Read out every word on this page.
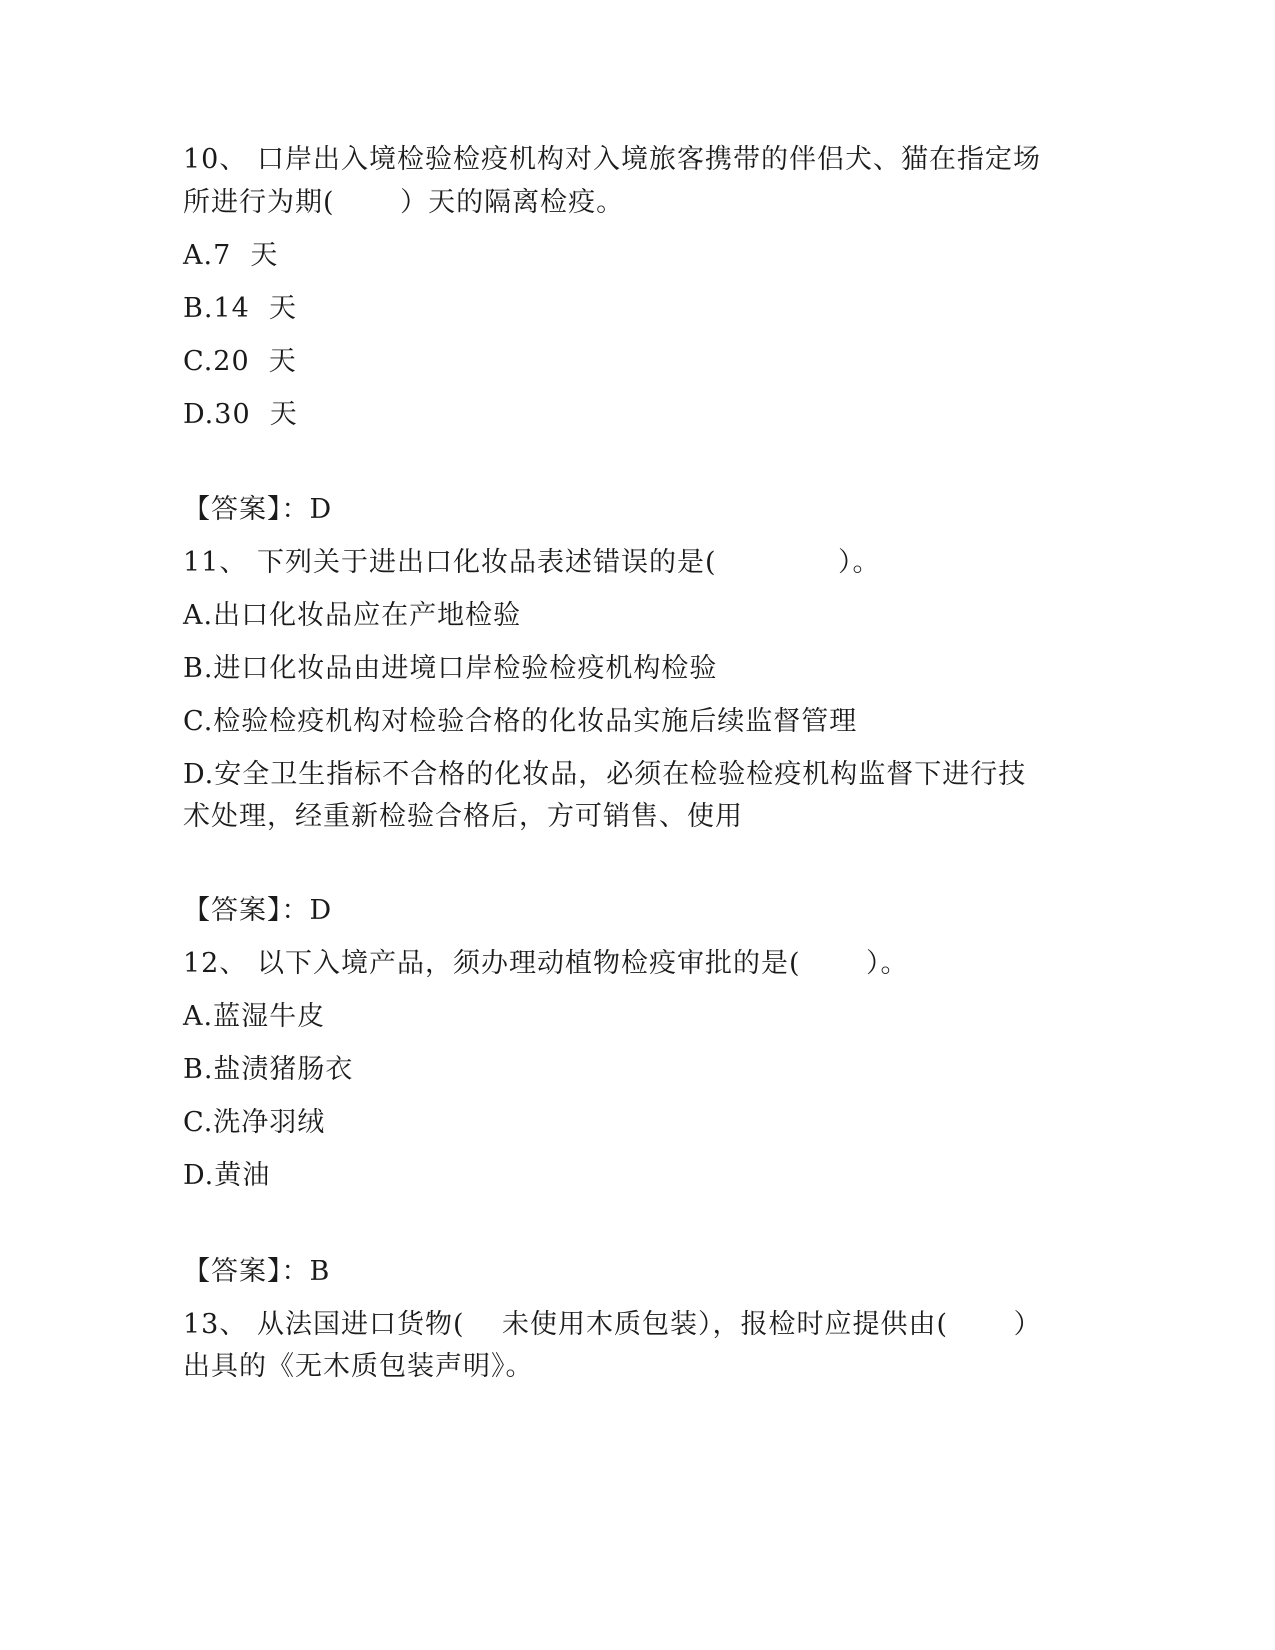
10、 口岸出入境检验检疫机构对入境旅客携带的伴侣犬、猫在指定场
所进行为期(　　 ）天的隔离检疫。
A.7  天
B.14  天
C.20  天
D.30  天
【答案】：D
11、 下列关于进出口化妆品表述错误的是(　　　　 ）。
A.出口化妆品应在产地检验
B.进口化妆品由进境口岸检验检疫机构检验
C.检验检疫机构对检验合格的化妆品实施后续监督管理
D.安全卫生指标不合格的化妆品，必须在检验检疫机构监督下进行技
术处理，经重新检验合格后，方可销售、使用
【答案】：D
12、 以下入境产品，须办理动植物检疫审批的是(　　 ）。
A.蓝湿牛皮
B.盐渍猪肠衣
C.洗净羽绒
D.黄油
【答案】：B
13、 从法国进口货物(　 未使用木质包装），报检时应提供由(　　 ）
出具的《无木质包装声明》。
